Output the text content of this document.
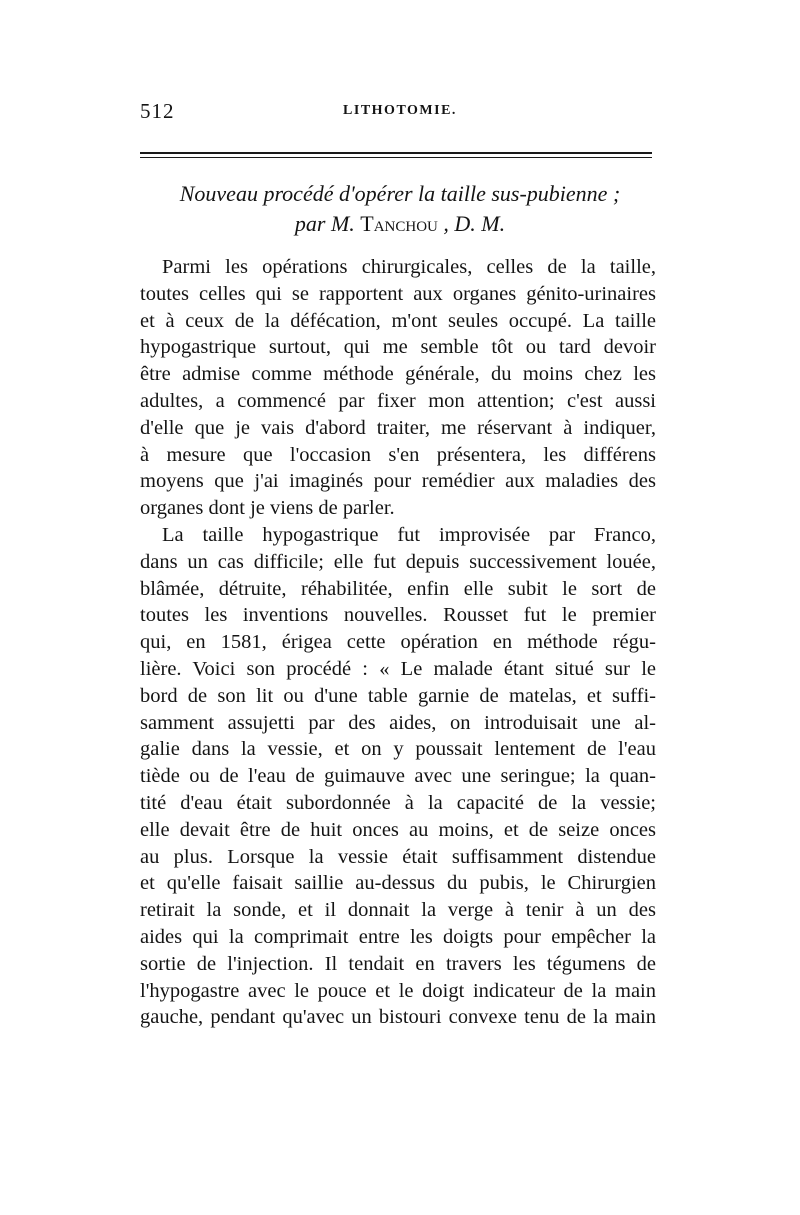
512	LITHOTOMIE.
Nouveau procédé d'opérer la taille sus-pubienne ;
par M. Tanchou , D. M.
Parmi les opérations chirurgicales, celles de la taille,
toutes celles qui se rapportent aux organes génito-urinaires
et à ceux de la défécation, m'ont seules occupé. La taille
hypogastrique surtout, qui me semble tôt ou tard devoir
être admise comme méthode générale, du moins chez les
adultes, a commencé par fixer mon attention; c'est aussi
d'elle que je vais d'abord traiter, me réservant à indiquer,
à mesure que l'occasion s'en présentera, les différens
moyens que j'ai imaginés pour remédier aux maladies des
organes dont je viens de parler.
La taille hypogastrique fut improvisée par Franco,
dans un cas difficile; elle fut depuis successivement louée,
blâmée, détruite, réhabilitée, enfin elle subit le sort de
toutes les inventions nouvelles. Rousset fut le premier
qui, en 1581, érigea cette opération en méthode régu-
lière. Voici son procédé : « Le malade étant situé sur le
bord de son lit ou d'une table garnie de matelas, et suffi-
samment assujetti par des aides, on introduisait une al-
galie dans la vessie, et on y poussait lentement de l'eau
tiède ou de l'eau de guimauve avec une seringue; la quan-
tité d'eau était subordonnée à la capacité de la vessie;
elle devait être de huit onces au moins, et de seize onces
au plus. Lorsque la vessie était suffisamment distendue
et qu'elle faisait saillie au-dessus du pubis, le Chirurgien
retirait la sonde, et il donnait la verge à tenir à un des
aides qui la comprimait entre les doigts pour empêcher la
sortie de l'injection. Il tendait en travers les tégumens de
l'hypogastre avec le pouce et le doigt indicateur de la main
gauche, pendant qu'avec un bistouri convexe tenu de la main
